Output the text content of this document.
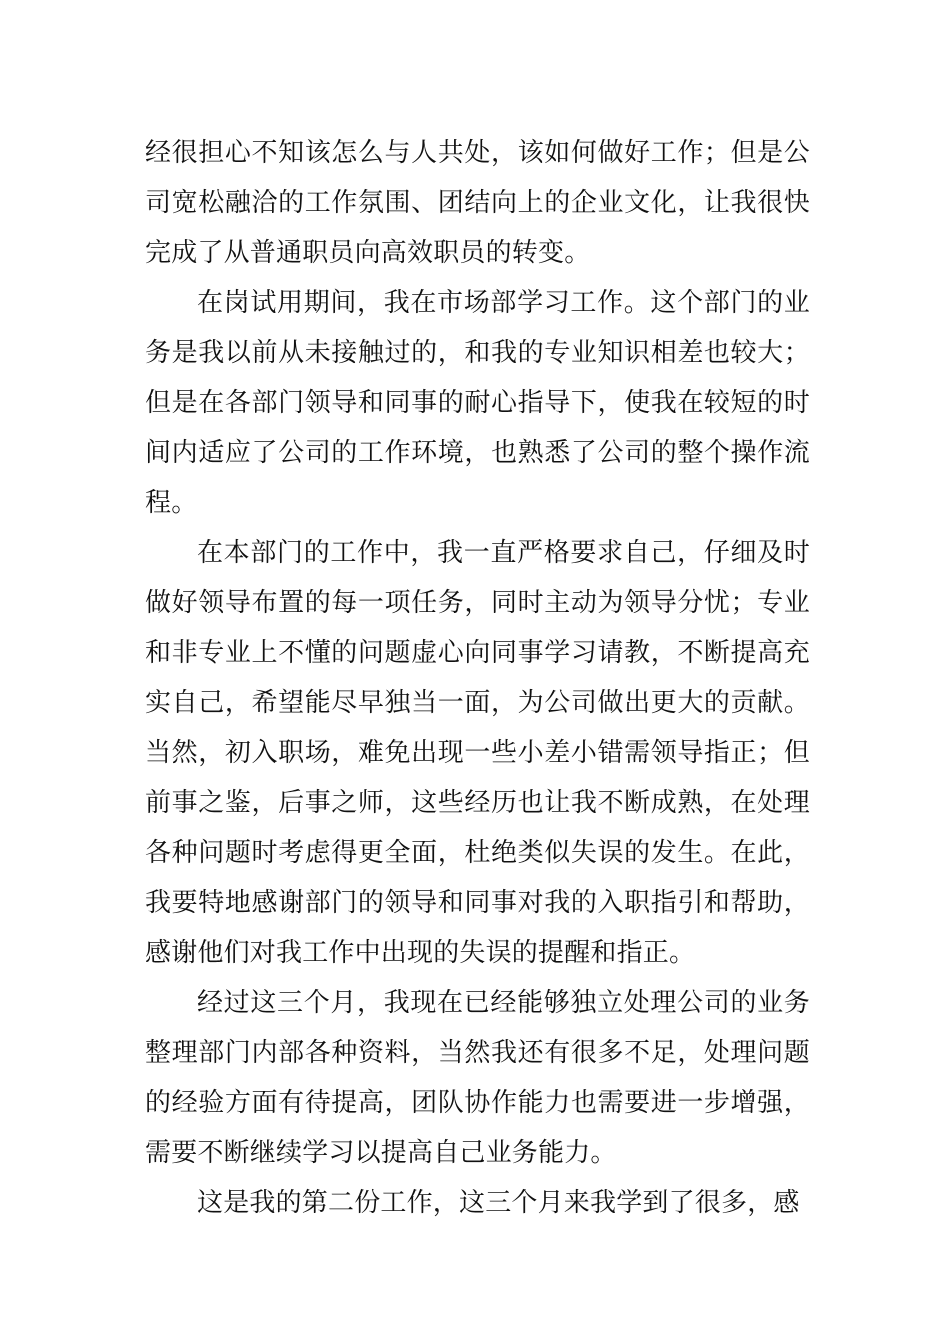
经很担心不知该怎么与人共处，该如何做好工作；但是公司宽松融洽的工作氛围、团结向上的企业文化，让我很快完成了从普通职员向高效职员的转变。

在岗试用期间，我在市场部学习工作。这个部门的业务是我以前从未接触过的，和我的专业知识相差也较大；但是在各部门领导和同事的耐心指导下，使我在较短的时间内适应了公司的工作环境，也熟悉了公司的整个操作流程。

在本部门的工作中，我一直严格要求自己，仔细及时做好领导布置的每一项任务，同时主动为领导分忧；专业和非专业上不懂的问题虚心向同事学习请教，不断提高充实自己，希望能尽早独当一面，为公司做出更大的贡献。当然，初入职场，难免出现一些小差小错需领导指正；但前事之鉴，后事之师，这些经历也让我不断成熟，在处理各种问题时考虑得更全面，杜绝类似失误的发生。在此，我要特地感谢部门的领导和同事对我的入职指引和帮助，感谢他们对我工作中出现的失误的提醒和指正。

经过这三个月，我现在已经能够独立处理公司的业务整理部门内部各种资料，当然我还有很多不足，处理问题的经验方面有待提高，团队协作能力也需要进一步增强，需要不断继续学习以提高自己业务能力。

这是我的第二份工作，这三个月来我学到了很多，感
